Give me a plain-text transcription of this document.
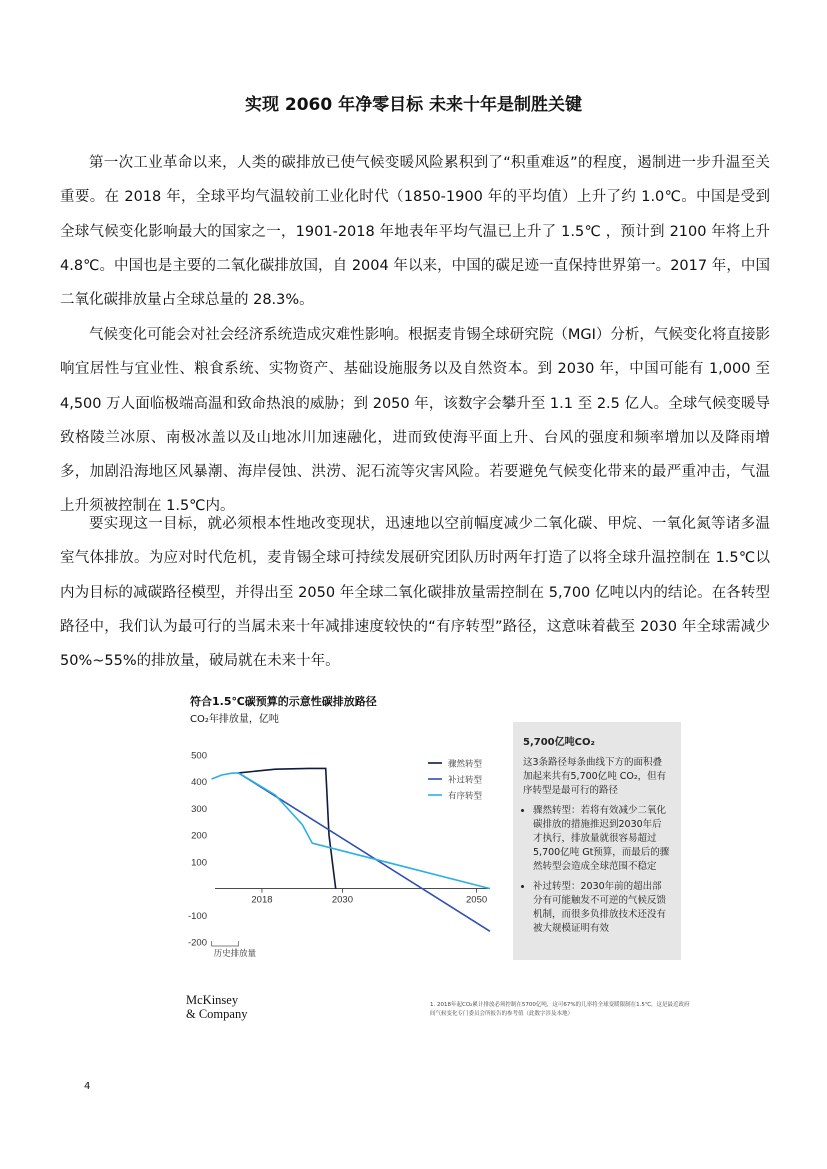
实现 2060 年净零目标 未来十年是制胜关键

第一次工业革命以来，人类的碳排放已使气候变暖风险累积到了“积重难返”的程度，遏制进一步升温至关重要。在 2018 年，全球平均气温较前工业化时代（1850-1900 年的平均值）上升了约 1.0℃。中国是受到全球气候变化影响最大的国家之一，1901-2018 年地表年平均气温已上升了 1.5℃ ，预计到 2100 年将上升 4.8℃。中国也是主要的二氧化碳排放国，自 2004 年以来，中国的碳足迹一直保持世界第一。2017 年，中国二氧化碳排放量占全球总量的 28.3%。

气候变化可能会对社会经济系统造成灾难性影响。根据麦肯锡全球研究院（MGI）分析，气候变化将直接影响宜居性与宜业性、粮食系统、实物资产、基础设施服务以及自然资本。到 2030 年，中国可能有 1,000 至 4,500 万人面临极端高温和致命热浪的威胁；到 2050 年，该数字会攀升至 1.1 至 2.5 亿人。全球气候变暖导致格陵兰冰原、南极冰盖以及山地冰川加速融化，进而致使海平面上升、台风的强度和频率增加以及降雨增多，加剧沿海地区风暴潮、海岸侵蚀、洪涝、泥石流等灾害风险。若要避免气候变化带来的最严重冲击，气温上升须被控制在 1.5℃内。

要实现这一目标，就必须根本性地改变现状，迅速地以空前幅度减少二氧化碳、甲烷、一氧化氮等诸多温室气体排放。为应对时代危机，麦肯锡全球可持续发展研究团队历时两年打造了以将全球升温控制在 1.5℃以内为目标的减碳路径模型，并得出至 2050 年全球二氧化碳排放量需控制在 5,700 亿吨以内的结论。在各转型路径中，我们认为最可行的当属未来十年减排速度较快的“有序转型”路径，这意味着截至 2030 年全球需减少 50%~55%的排放量，破局就在未来十年。

符合1.5℃碳预算的示意性碳排放路径
CO₂年排放量，亿吨
500
400
300
200
100
-100
-200
2018	2030	2050
历史排放量
骤然转型
补过转型
有序转型
5,700亿吨CO₂

这3条路径每条曲线下方的面积叠加起来共有5,700亿吨 CO₂，但有序转型是最可行的路径

• 骤然转型：若将有效减少二氧化碳排放的措施推迟到2030年后才执行，排放量就很容易超过5,700亿吨 Gt预算，而最后的骤然转型会造成全球范围不稳定
• 补过转型：2030年前的超出部分有可能触发不可逆的气候反馈机制，而很多负排放技术还没有被大规模证明有效
McKinsey
& Company
1. 2018年起CO₂累计排放必须控制在5700亿吨，这可67%的几率将全球变暖限制在1.5℃，这是最近政府间气候变化专门委员会所报告的参考值（此数字涉及本地）
4
